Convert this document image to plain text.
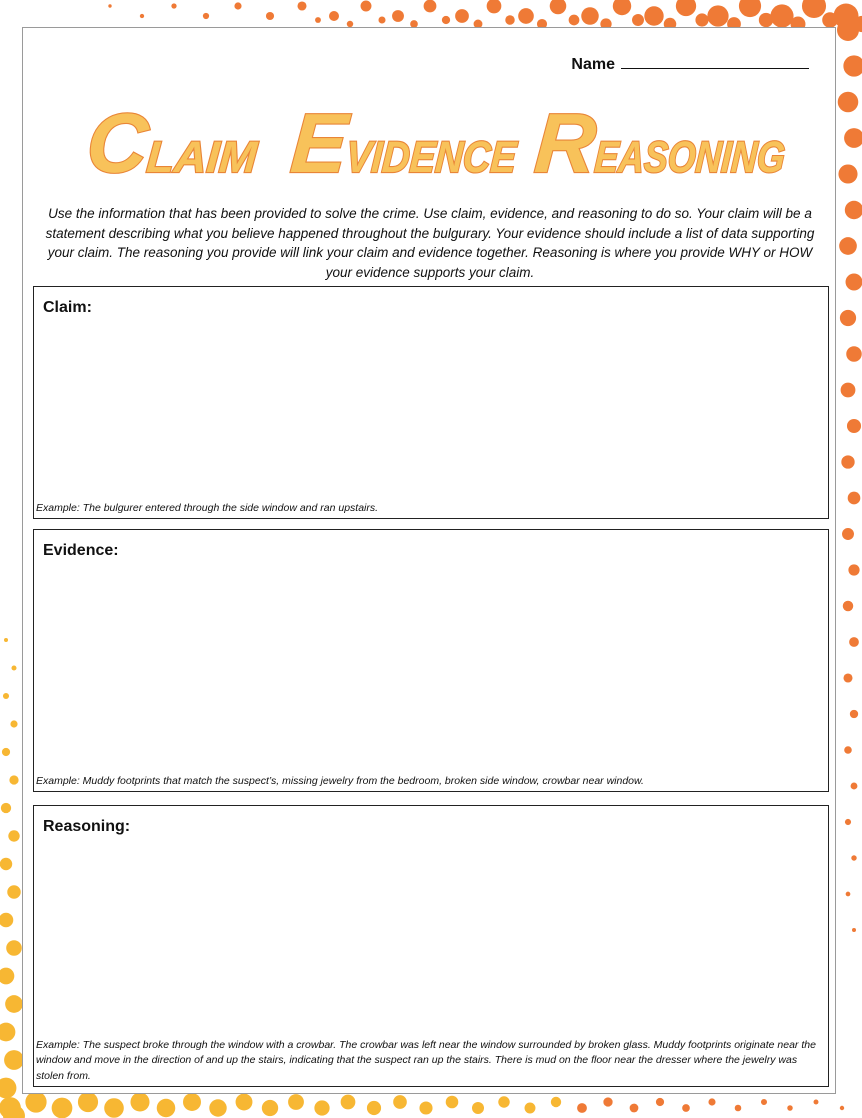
Name
CLAIM EVIDENCE
REASONING
Use the information that has been provided to solve the crime. Use claim, evidence, and reasoning to do so. Your claim will be a statement describing what you believe happened throughout the bulgurary. Your evidence should include a list of data supporting your claim. The reasoning you provide will link your claim and evidence together. Reasoning is where you provide WHY or HOW your evidence supports your claim.
Claim:
Example: The bulgurer entered through the side window and ran upstairs.
Evidence:
Example: Muddy footprints that match the suspect’s, missing jewelry from the bedroom, broken side window, crowbar near window.
Reasoning:
Example: The suspect broke through the window with a crowbar. The crowbar was left near the window surrounded by broken glass. Muddy footprints originate near the window and move in the direction of and up the stairs, indicating that the suspect ran up the stairs. There is mud on the floor near the dresser where the jewelry was stolen from.
